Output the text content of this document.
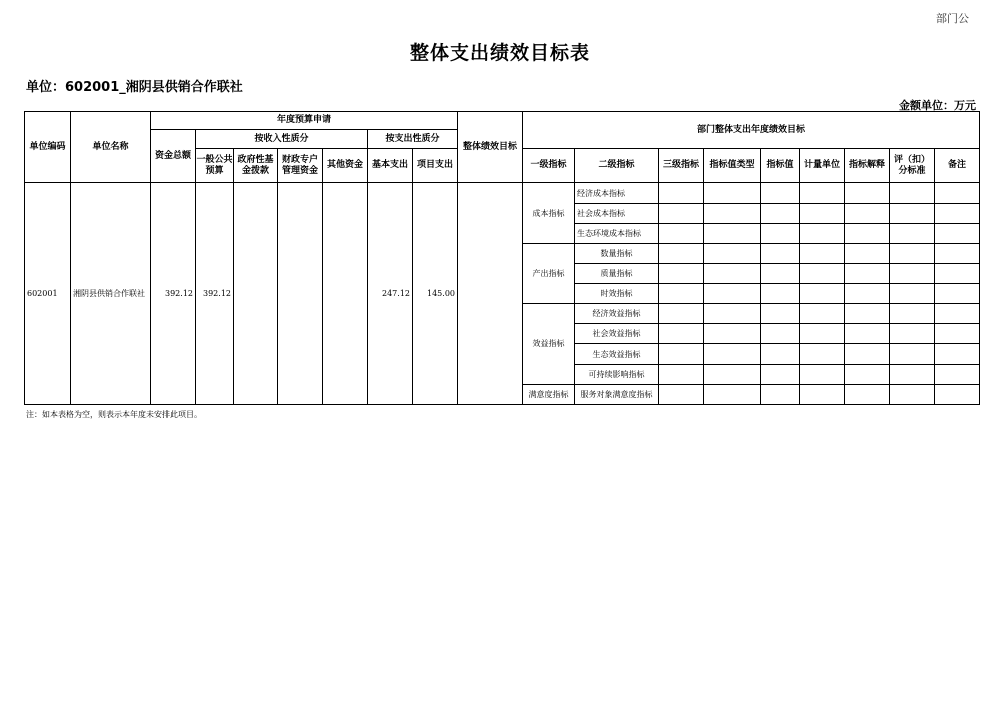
部门公
整体支出绩效目标表
单位：602001_湘阴县供销合作联社
金额单位：万元
单位编码	单位名称	年度预算申请							整体绩效目标	部门整体支出年度绩效目标								
		资金总额	按收入性质分				按支出性质分											
			一般公共预算	政府性基金拨款	财政专户管理资金	其他资金	基本支出	项目支出		一级指标	二级指标	三级指标	指标值类型	指标值	计量单位	指标解释	评（扣）分标准	备注
602001	湘阴县供销合作联社	392.12	392.12				247.12	145.00		成本指标	经济成本指标							
											社会成本指标							
											生态环境成本指标							
										产出指标	数量指标							
											质量指标							
											时效指标							
										效益指标	经济效益指标							
											社会效益指标							
											生态效益指标							
											可持续影响指标							
										满意度指标	服务对象满意度指标							
注：如本表格为空，则表示本年度未安排此项目。
